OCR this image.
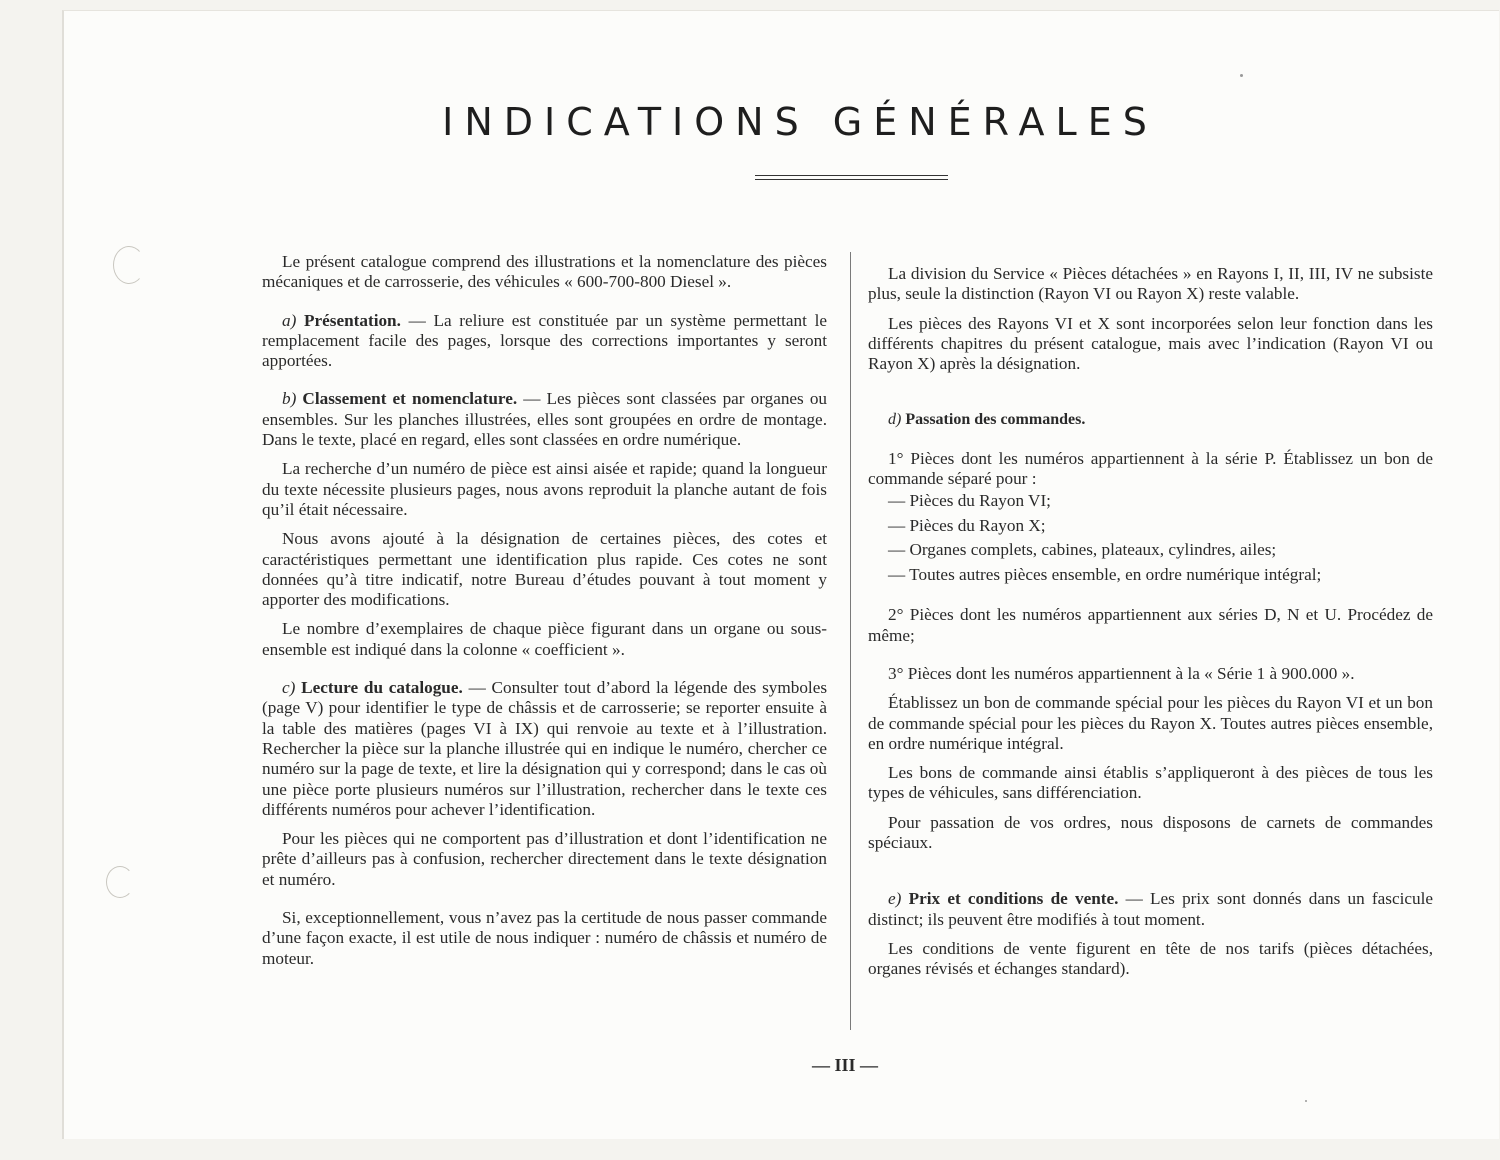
INDICATIONS GÉNÉRALES

Le présent catalogue comprend des illustrations et la nomenclature des pièces mécaniques et de carrosserie, des véhicules « 600-700-800 Diesel ».

a) Présentation. — La reliure est constituée par un système permettant le remplacement facile des pages, lorsque des corrections importantes y seront apportées.

b) Classement et nomenclature. — Les pièces sont classées par organes ou ensembles. Sur les planches illustrées, elles sont groupées en ordre de montage. Dans le texte, placé en regard, elles sont classées en ordre numérique.

La recherche d’un numéro de pièce est ainsi aisée et rapide; quand la longueur du texte nécessite plusieurs pages, nous avons reproduit la planche autant de fois qu’il était nécessaire.

Nous avons ajouté à la désignation de certaines pièces, des cotes et caractéristiques permettant une identification plus rapide. Ces cotes ne sont données qu’à titre indicatif, notre Bureau d’études pouvant à tout moment y apporter des modifications.

Le nombre d’exemplaires de chaque pièce figurant dans un organe ou sous-ensemble est indiqué dans la colonne « coefficient ».

c) Lecture du catalogue. — Consulter tout d’abord la légende des symboles (page V) pour identifier le type de châssis et de carrosserie; se reporter ensuite à la table des matières (pages VI à IX) qui renvoie au texte et à l’illustration. Rechercher la pièce sur la planche illustrée qui en indique le numéro, chercher ce numéro sur la page de texte, et lire la désignation qui y correspond; dans le cas où une pièce porte plusieurs numéros sur l’illustration, rechercher dans le texte ces différents numéros pour achever l’identification.

Pour les pièces qui ne comportent pas d’illustration et dont l’identification ne prête d’ailleurs pas à confusion, rechercher directement dans le texte désignation et numéro.

Si, exceptionnellement, vous n’avez pas la certitude de nous passer commande d’une façon exacte, il est utile de nous indiquer : numéro de châssis et numéro de moteur.

La division du Service « Pièces détachées » en Rayons I, II, III, IV ne subsiste plus, seule la distinction (Rayon VI ou Rayon X) reste valable.

Les pièces des Rayons VI et X sont incorporées selon leur fonction dans les différents chapitres du présent catalogue, mais avec l’indication (Rayon VI ou Rayon X) après la désignation.

d) Passation des commandes.

1° Pièces dont les numéros appartiennent à la série P. Établissez un bon de commande séparé pour :

— Pièces du Rayon VI;

— Pièces du Rayon X;

— Organes complets, cabines, plateaux, cylindres, ailes;

— Toutes autres pièces ensemble, en ordre numérique intégral;

2° Pièces dont les numéros appartiennent aux séries D, N et U. Procédez de même;

3° Pièces dont les numéros appartiennent à la « Série 1 à 900.000 ».

Établissez un bon de commande spécial pour les pièces du Rayon VI et un bon de commande spécial pour les pièces du Rayon X. Toutes autres pièces ensemble, en ordre numérique intégral.

Les bons de commande ainsi établis s’appliqueront à des pièces de tous les types de véhicules, sans différenciation.

Pour passation de vos ordres, nous disposons de carnets de commandes spéciaux.

e) Prix et conditions de vente. — Les prix sont donnés dans un fascicule distinct; ils peuvent être modifiés à tout moment.

Les conditions de vente figurent en tête de nos tarifs (pièces détachées, organes révisés et échanges standard).

— III —
